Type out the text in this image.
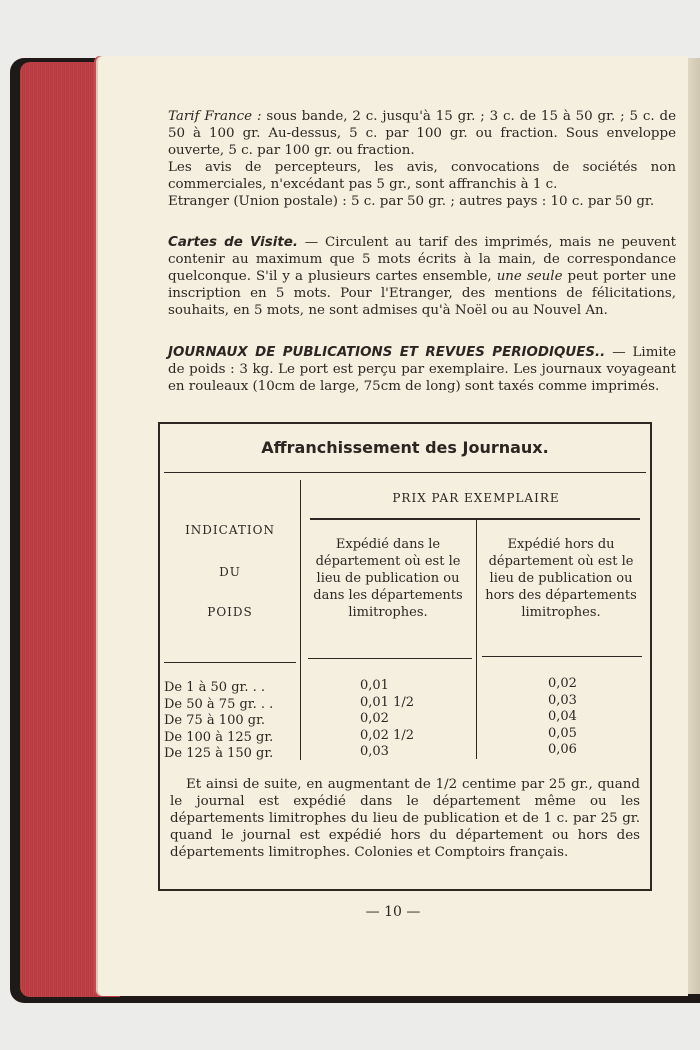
Tarif France : sous bande, 2 c. jusqu'à 15 gr. ; 3 c. de 15 à 50 gr. ; 5 c. de 50 à 100 gr. Au-dessus, 5 c. par 100 gr. ou fraction. Sous enveloppe ouverte, 5 c. par 100 gr. ou fraction.

Les avis de percepteurs, les avis, convocations de sociétés non commerciales, n'excédant pas 5 gr., sont affranchis à 1 c.

Etranger (Union postale) : 5 c. par 50 gr. ; autres pays : 10 c. par 50 gr.

Cartes de Visite. — Circulent au tarif des imprimés, mais ne peuvent contenir au maximum que 5 mots écrits à la main, de correspondance quelconque. S'il y a plusieurs cartes ensemble, une seule peut porter une inscription en 5 mots. Pour l'Etranger, des mentions de félicitations, souhaits, en 5 mots, ne sont admises qu'à Noël ou au Nouvel An.

JOURNAUX DE PUBLICATIONS ET REVUES PERIODIQUES.. — Limite de poids : 3 kg. Le port est perçu par exemplaire. Les journaux voyageant en rouleaux (10cm de large, 75cm de long) sont taxés comme imprimés.

Affranchissement des Journaux.
PRIX PAR EXEMPLAIRE
INDICATION
DU
POIDS
Expédié dans le département où est le lieu de publication ou dans les départements limitrophes.
Expédié hors du département où est le lieu de publication ou hors des départements limitrophes.
De 1 à 50 gr. . .
De 50 à 75 gr. . .
De 75 à 100 gr.
De 100 à 125 gr.
De 125 à 150 gr.
0,01
0,01 1/2
0,02
0,02 1/2
0,03
0,02
0,03
0,04
0,05
0,06
Et ainsi de suite, en augmentant de 1/2 centime par 25 gr., quand le journal est expédié dans le département même ou les départements limitrophes du lieu de publication et de 1 c. par 25 gr. quand le journal est expédié hors du département ou hors des départements limitrophes. Colonies et Comptoirs français.
— 10 —
